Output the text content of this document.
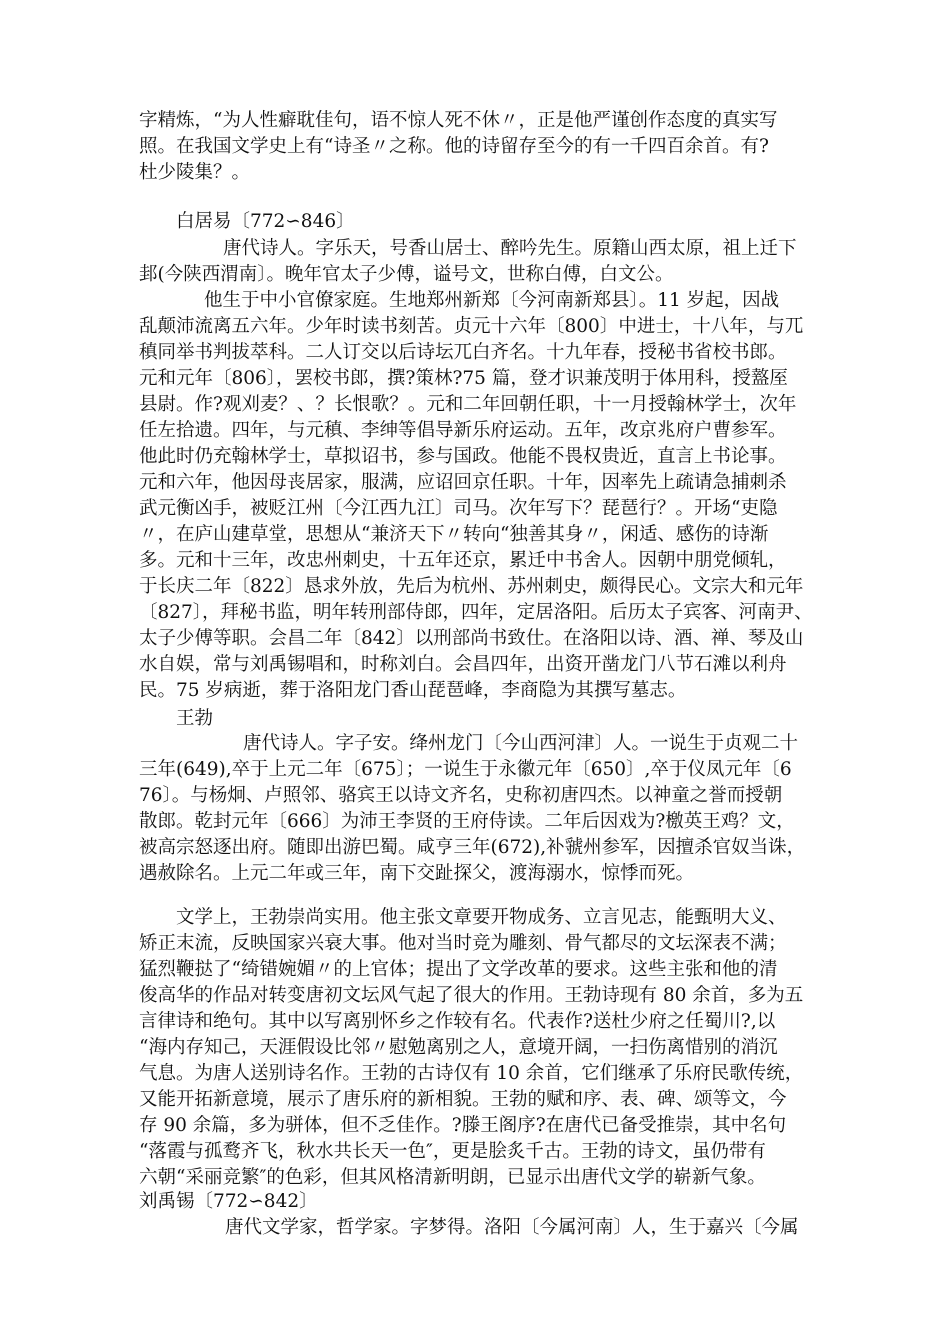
字精炼，“为人性癖耽佳句，语不惊人死不休〃，正是他严谨创作态度的真实写
照。在我国文学史上有“诗圣〃之称。他的诗留存至今的有一千四百余首。有?
杜少陵集？。
白居易〔772∽846〕
唐代诗人。字乐天，号香山居士、醉吟先生。原籍山西太原，祖上迁下
邽(今陕西渭南〕。晚年官太子少傅，谥号文，世称白傅，白文公。
他生于中小官僚家庭。生地郑州新郑〔今河南新郑县〕。11 岁起，因战
乱颠沛流离五六年。少年时读书刻苦。贞元十六年〔800〕中进士，十八年，与兀
稹同举书判拔萃科。二人订交以后诗坛兀白齐名。十九年春，授秘书省校书郎。
元和元年〔806〕，罢校书郎，撰?策林?75 篇，登才识兼茂明于体用科，授盩厔
县尉。作?观刈麦？、？长恨歌？。元和二年回朝任职，十一月授翰林学士，次年
任左拾遗。四年，与元稹、李绅等倡导新乐府运动。五年，改京兆府户曹参军。
他此时仍充翰林学士，草拟诏书，参与国政。他能不畏权贵近，直言上书论事。
元和六年，他因母丧居家，服满，应诏回京任职。十年，因率先上疏请急捕刺杀
武元衡凶手，被贬江州〔今江西九江〕司马。次年写下？琵琶行？。开场“吏隐
〃，在庐山建草堂，思想从“兼济天下〃转向“独善其身〃，闲适、感伤的诗渐
多。元和十三年，改忠州刺史，十五年还京，累迁中书舍人。因朝中朋党倾轧，
于长庆二年〔822〕恳求外放，先后为杭州、苏州刺史，颇得民心。文宗大和元年
〔827〕，拜秘书监，明年转刑部侍郎，四年，定居洛阳。后历太子宾客、河南尹、
太子少傅等职。会昌二年〔842〕以刑部尚书致仕。在洛阳以诗、酒、禅、琴及山
水自娱，常与刘禹锡唱和，时称刘白。会昌四年，出资开凿龙门八节石滩以利舟
民。75 岁病逝，葬于洛阳龙门香山琵琶峰，李商隐为其撰写墓志。
王勃
唐代诗人。字子安。绛州龙门〔今山西河津〕人。一说生于贞观二十
三年(649),卒于上元二年〔675〕；一说生于永徽元年〔650〕,卒于仪凤元年〔6
76〕。与杨炯、卢照邻、骆宾王以诗文齐名，史称初唐四杰。以神童之誉而授朝
散郎。乾封元年〔666〕为沛王李贤的王府侍读。二年后因戏为?檄英王鸡？文，
被高宗怒逐出府。随即出游巴蜀。咸亨三年(672),补虢州参军，因擅杀官奴当诛，
遇赦除名。上元二年或三年，南下交趾探父，渡海溺水，惊悸而死。
文学上，王勃崇尚实用。他主张文章要开物成务、立言见志，能甄明大义、
矫正末流，反映国家兴衰大事。他对当时竞为雕刻、骨气都尽的文坛深表不满；
猛烈鞭挞了“绮错婉媚〃的上官体；提出了文学改革的要求。这些主张和他的清
俊高华的作品对转变唐初文坛风气起了很大的作用。王勃诗现有 80 余首，多为五
言律诗和绝句。其中以写离别怀乡之作较有名。代表作?送杜少府之任蜀川?,以
“海内存知己，天涯假设比邻〃慰勉离别之人，意境开阔，一扫伤离惜别的消沉
气息。为唐人送别诗名作。王勃的古诗仅有 10 余首，它们继承了乐府民歌传统，
又能开拓新意境，展示了唐乐府的新相貌。王勃的赋和序、表、碑、颂等文，今
存 90 余篇，多为骈体，但不乏佳作。?滕王阁序?在唐代已备受推崇，其中名句
“落霞与孤鹜齐飞，秋水共长天一色″，更是脍炙千古。王勃的诗文，虽仍带有
六朝“采丽竞繁″的色彩，但其风格清新明朗，已显示出唐代文学的崭新气象。
刘禹锡〔772∽842〕
唐代文学家，哲学家。字梦得。洛阳〔今属河南〕人，生于嘉兴〔今属
